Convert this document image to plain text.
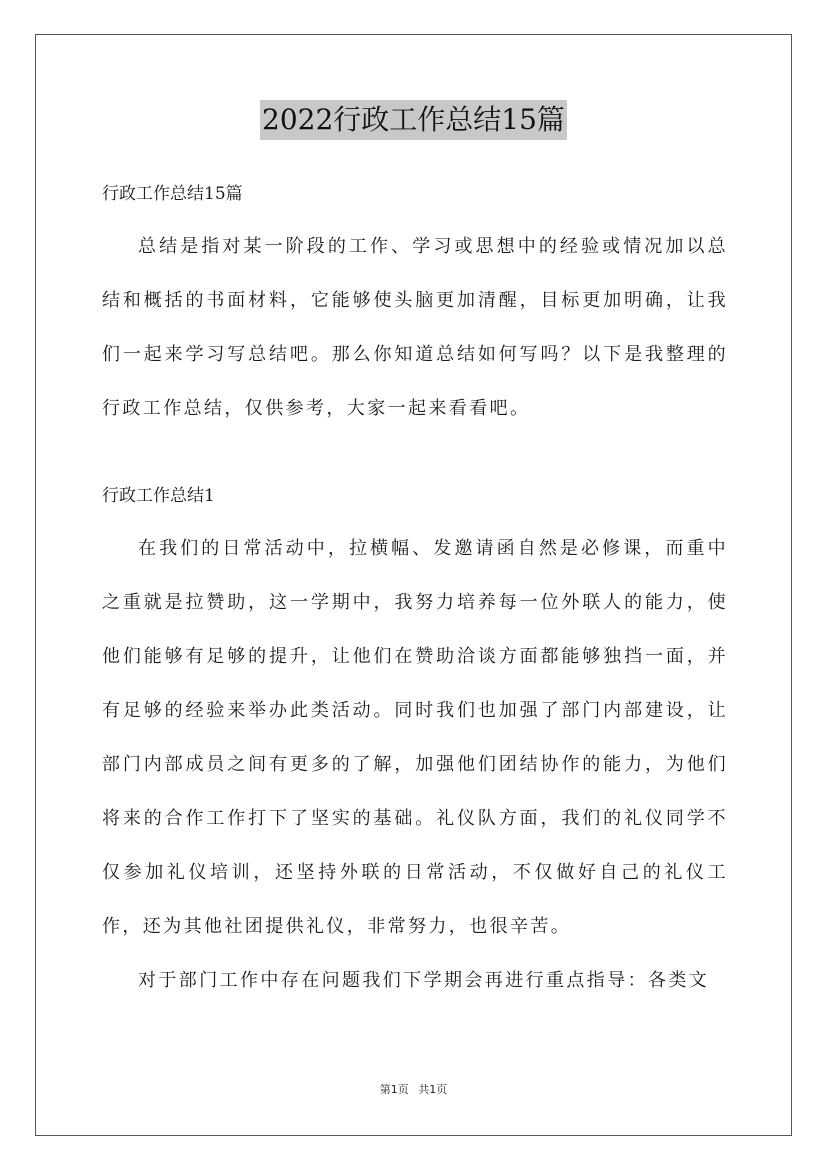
2022行政工作总结15篇

行政工作总结15篇

总结是指对某一阶段的工作、学习或思想中的经验或情况加以总结和概括的书面材料，它能够使头脑更加清醒，目标更加明确，让我们一起来学习写总结吧。那么你知道总结如何写吗？以下是我整理的行政工作总结，仅供参考，大家一起来看看吧。

行政工作总结1

在我们的日常活动中，拉横幅、发邀请函自然是必修课，而重中之重就是拉赞助，这一学期中，我努力培养每一位外联人的能力，使他们能够有足够的提升，让他们在赞助洽谈方面都能够独挡一面，并有足够的经验来举办此类活动。同时我们也加强了部门内部建设，让部门内部成员之间有更多的了解，加强他们团结协作的能力，为他们将来的合作工作打下了坚实的基础。礼仪队方面，我们的礼仪同学不仅参加礼仪培训，还坚持外联的日常活动，不仅做好自己的礼仪工作，还为其他社团提供礼仪，非常努力，也很辛苦。

对于部门工作中存在问题我们下学期会再进行重点指导：各类文

第1页 共1页
